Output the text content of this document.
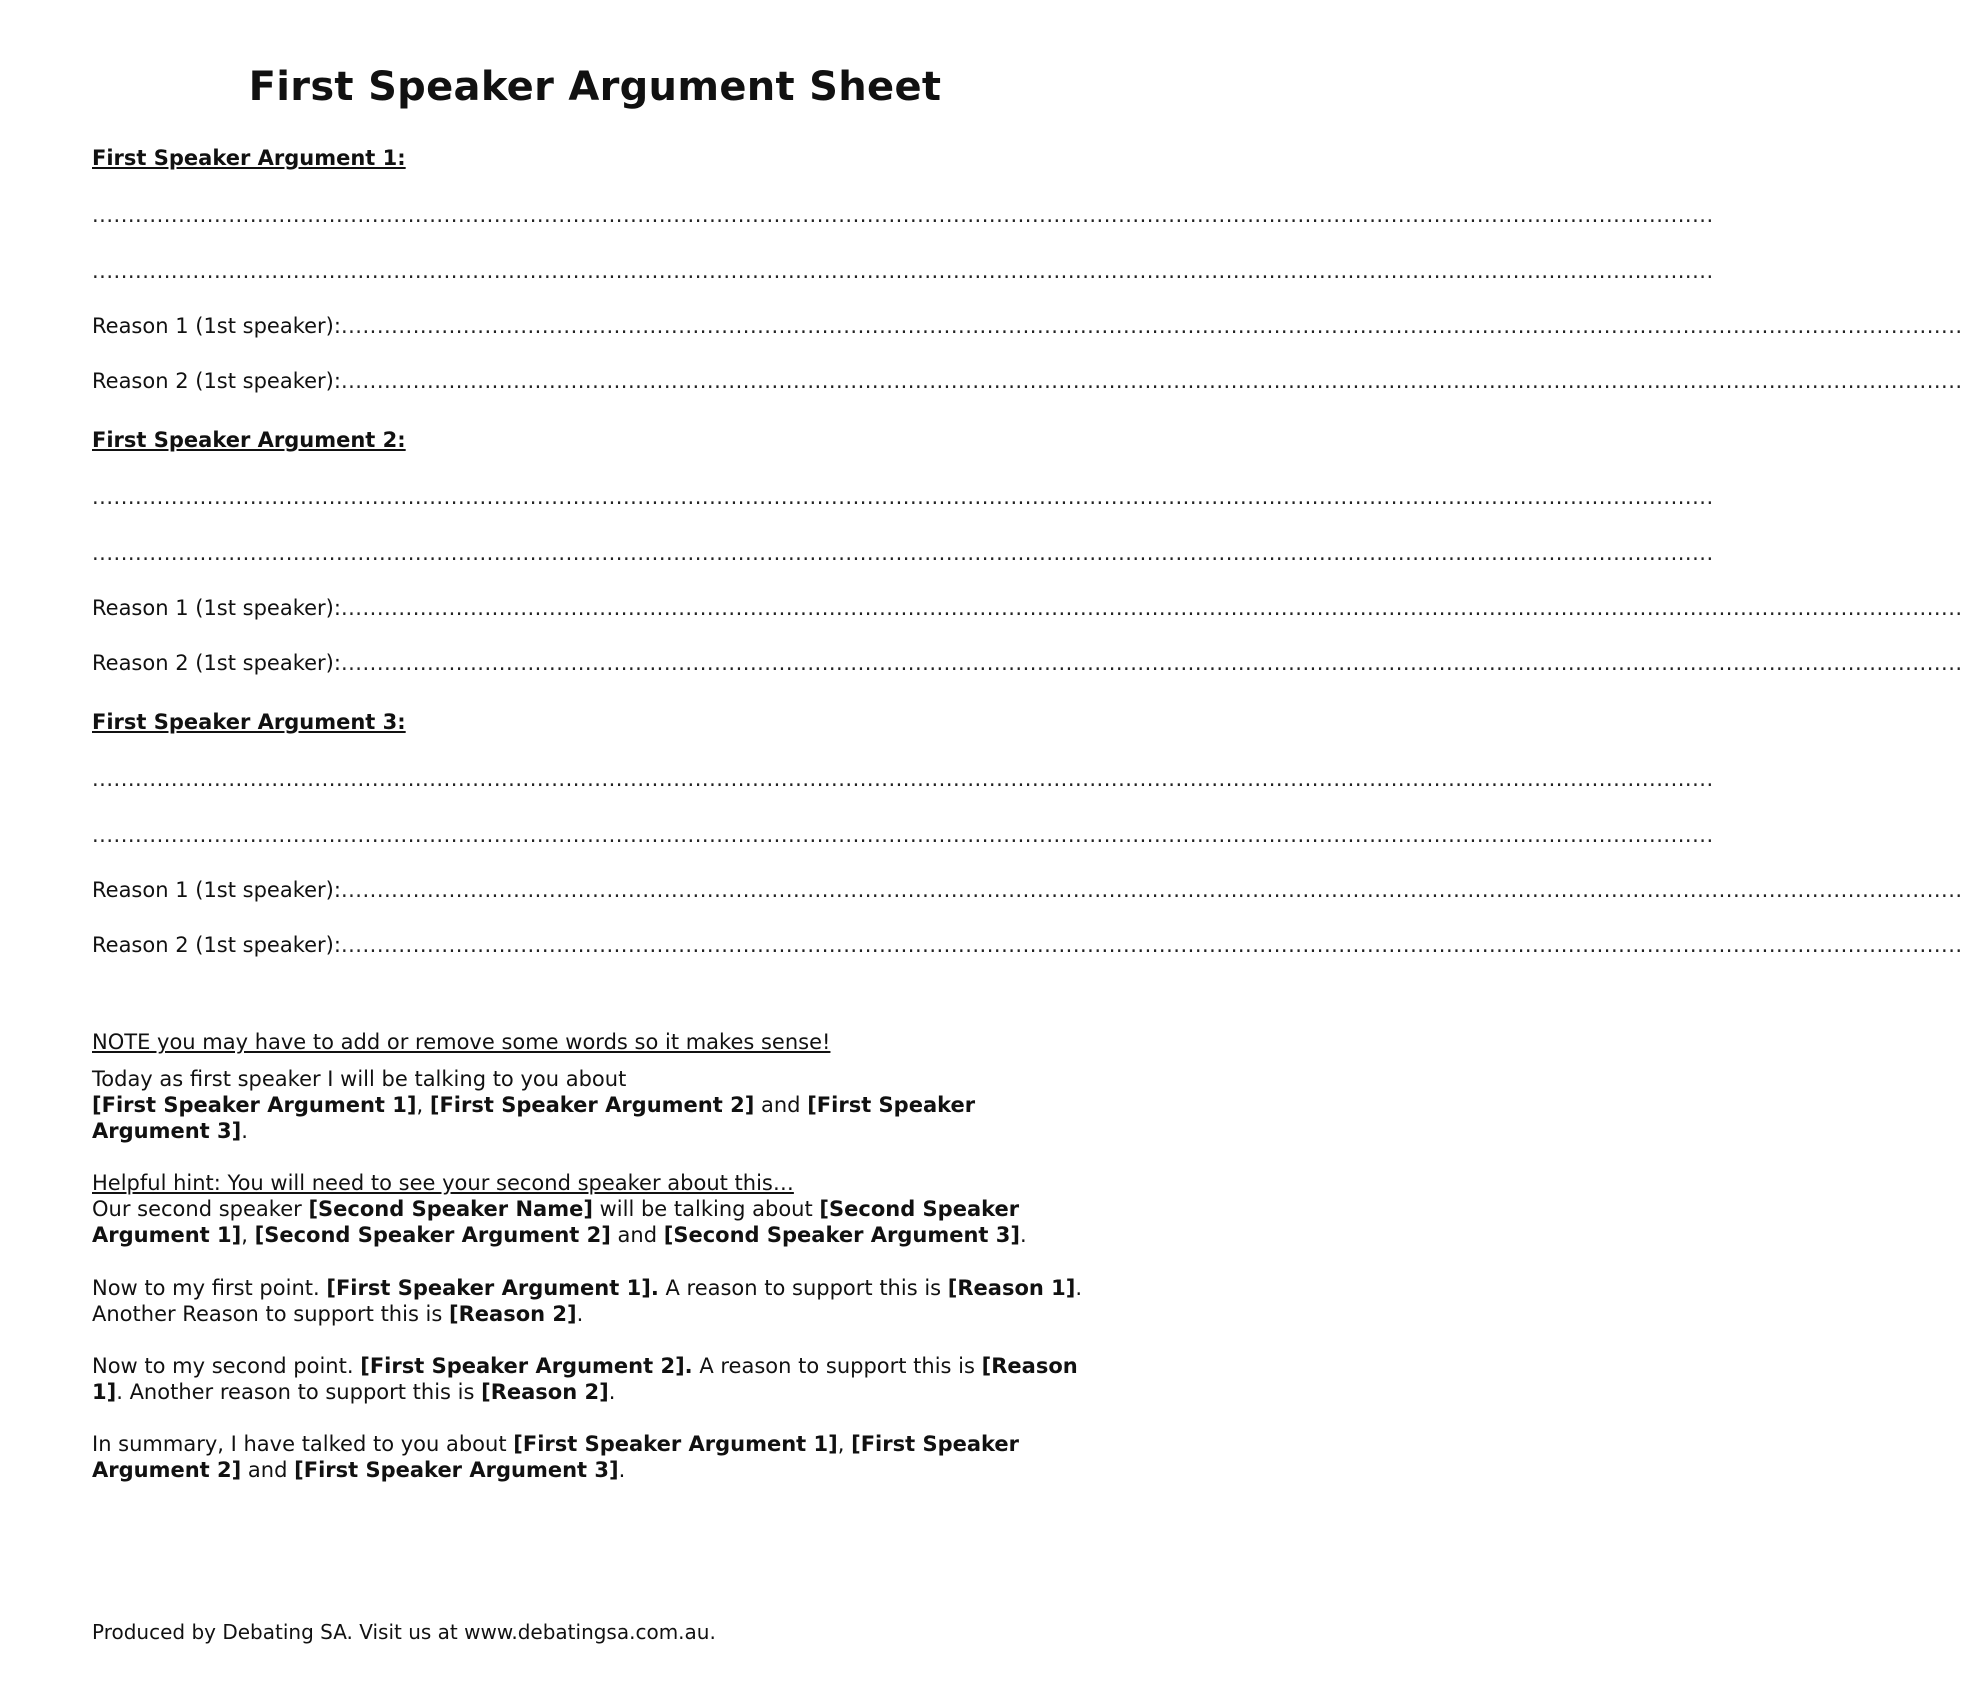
First Speaker Argument Sheet
First Speaker Argument 1:
..................................................................................................................................................................................................................................
..................................................................................................................................................................................................................................
Reason 1 (1st speaker):..................................................................................................................................................................................................................................
Reason 2 (1st speaker):..................................................................................................................................................................................................................................
First Speaker Argument 2:
..................................................................................................................................................................................................................................
..................................................................................................................................................................................................................................
Reason 1 (1st speaker):..................................................................................................................................................................................................................................
Reason 2 (1st speaker):..................................................................................................................................................................................................................................
First Speaker Argument 3:
..................................................................................................................................................................................................................................
..................................................................................................................................................................................................................................
Reason 1 (1st speaker):..................................................................................................................................................................................................................................
Reason 2 (1st speaker):..................................................................................................................................................................................................................................
NOTE you may have to add or remove some words so it makes sense!
Today as first speaker I will be talking to you about
[First Speaker Argument 1], [First Speaker Argument 2] and [First Speaker Argument 3].
Helpful hint: You will need to see your second speaker about this…
Our second speaker [Second Speaker Name] will be talking about [Second Speaker Argument 1], [Second Speaker Argument 2] and [Second Speaker Argument 3].
Now to my first point. [First Speaker Argument 1]. A reason to support this is [Reason 1]. Another Reason to support this is [Reason 2].
Now to my second point. [First Speaker Argument 2]. A reason to support this is [Reason 1]. Another reason to support this is [Reason 2].
In summary, I have talked to you about [First Speaker Argument 1], [First Speaker Argument 2] and [First Speaker Argument 3].
Produced by Debating SA. Visit us at www.debatingsa.com.au.
